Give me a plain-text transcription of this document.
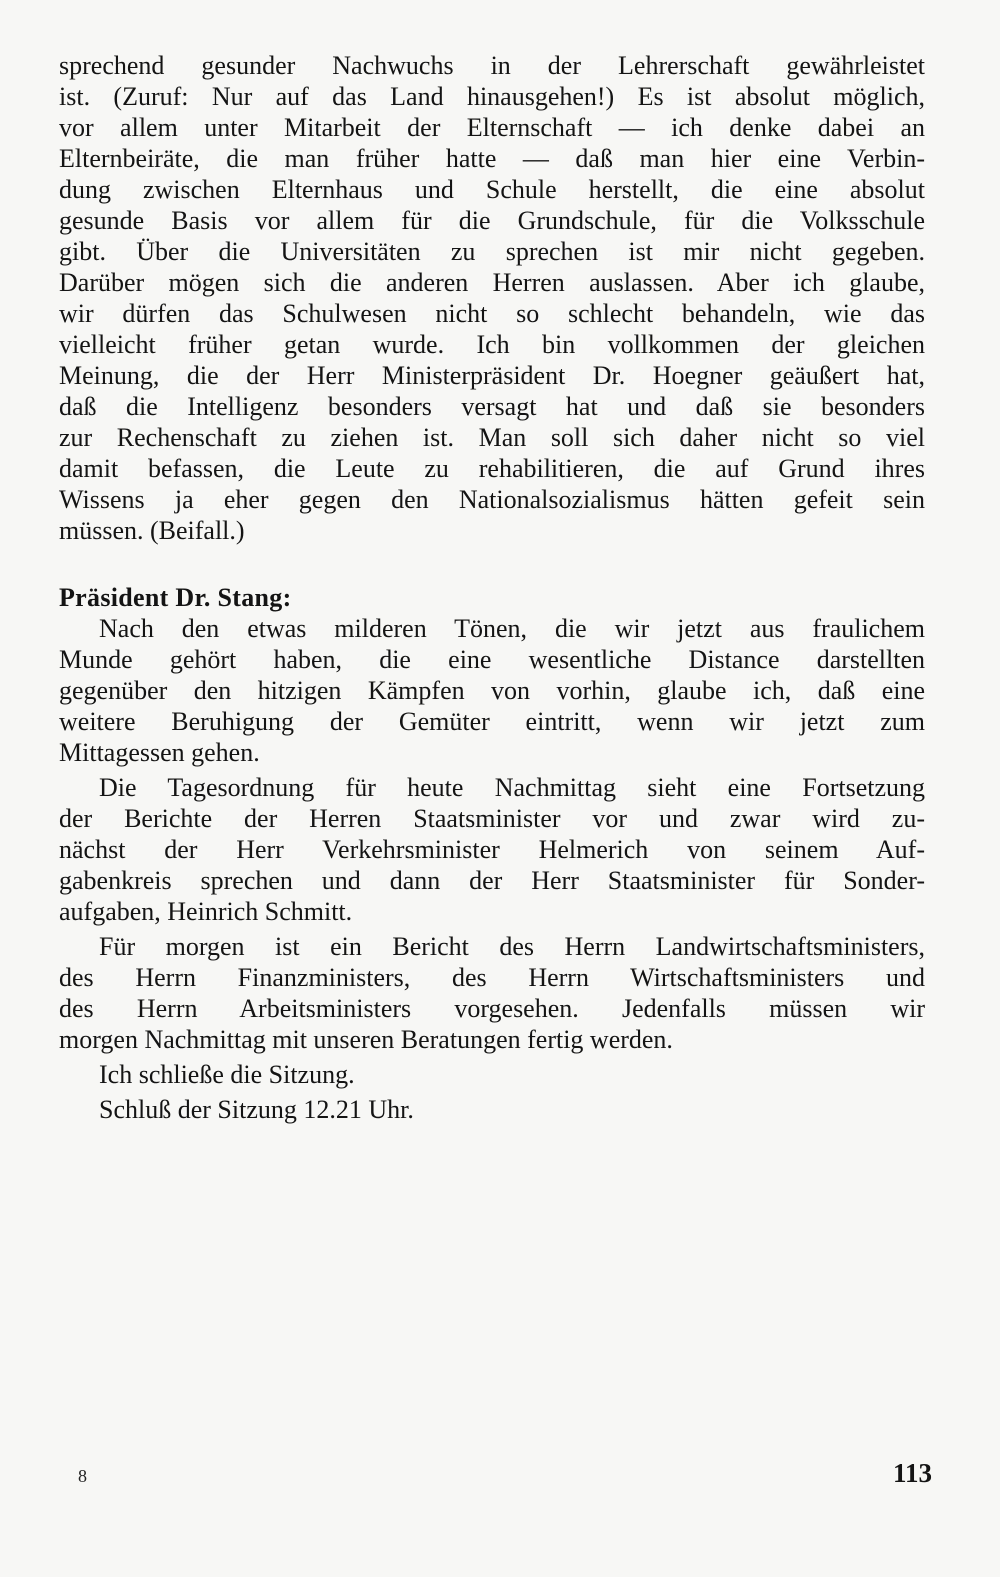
sprechend gesunder Nachwuchs in der Lehrerschaft gewährleistet
ist. (Zuruf: Nur auf das Land hinausgehen!) Es ist absolut möglich,
vor allem unter Mitarbeit der Elternschaft — ich denke dabei an
Elternbeiräte, die man früher hatte — daß man hier eine Verbin-
dung zwischen Elternhaus und Schule herstellt, die eine absolut
gesunde Basis vor allem für die Grundschule, für die Volksschule
gibt. Über die Universitäten zu sprechen ist mir nicht gegeben.
Darüber mögen sich die anderen Herren auslassen. Aber ich glaube,
wir dürfen das Schulwesen nicht so schlecht behandeln, wie das
vielleicht früher getan wurde. Ich bin vollkommen der gleichen
Meinung, die der Herr Ministerpräsident Dr. Hoegner geäußert hat,
daß die Intelligenz besonders versagt hat und daß sie besonders
zur Rechenschaft zu ziehen ist. Man soll sich daher nicht so viel
damit befassen, die Leute zu rehabilitieren, die auf Grund ihres
Wissens ja eher gegen den Nationalsozialismus hätten gefeit sein
müssen. (Beifall.)
Präsident Dr. Stang:
Nach den etwas milderen Tönen, die wir jetzt aus fraulichem
Munde gehört haben, die eine wesentliche Distance darstellten
gegenüber den hitzigen Kämpfen von vorhin, glaube ich, daß eine
weitere Beruhigung der Gemüter eintritt, wenn wir jetzt zum
Mittagessen gehen.
Die Tagesordnung für heute Nachmittag sieht eine Fortsetzung
der Berichte der Herren Staatsminister vor und zwar wird zu-
nächst der Herr Verkehrsminister Helmerich von seinem Auf-
gabenkreis sprechen und dann der Herr Staatsminister für Sonder-
aufgaben, Heinrich Schmitt.
Für morgen ist ein Bericht des Herrn Landwirtschaftsministers,
des Herrn Finanzministers, des Herrn Wirtschaftsministers und
des Herrn Arbeitsministers vorgesehen. Jedenfalls müssen wir
morgen Nachmittag mit unseren Beratungen fertig werden.
Ich schließe die Sitzung.
Schluß der Sitzung 12.21 Uhr.
8	113
